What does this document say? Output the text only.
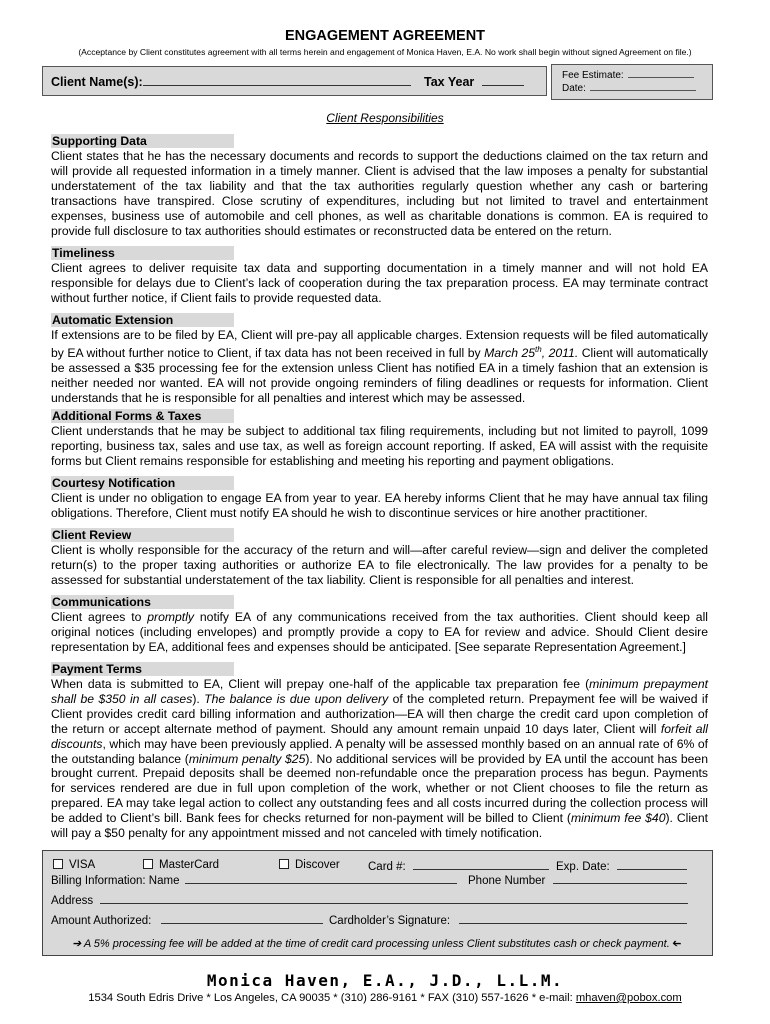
ENGAGEMENT AGREEMENT
(Acceptance by Client constitutes agreement with all terms herein and engagement of Monica Haven, E.A. No work shall begin without signed Agreement on file.)
Client Name(s):	Tax Year	Fee Estimate:
Date:
Client Responsibilities
Supporting Data

Client states that he has the necessary documents and records to support the deductions claimed on the tax return and will provide all requested information in a timely manner. Client is advised that the law imposes a penalty for substantial understatement of the tax liability and that the tax authorities regularly question whether any cash or bartering transactions have transpired. Close scrutiny of expenditures, including but not limited to travel and entertainment expenses, business use of automobile and cell phones, as well as charitable donations is common. EA is required to provide full disclosure to tax authorities should estimates or reconstructed data be entered on the return.

Timeliness

Client agrees to deliver requisite tax data and supporting documentation in a timely manner and will not hold EA responsible for delays due to Client’s lack of cooperation during the tax preparation process. EA may terminate contract without further notice, if Client fails to provide requested data.

Automatic Extension

If extensions are to be filed by EA, Client will pre-pay all applicable charges. Extension requests will be filed automatically by EA without further notice to Client, if tax data has not been received in full by March 25th, 2011. Client will automatically be assessed a $35 processing fee for the extension unless Client has notified EA in a timely fashion that an extension is neither needed nor wanted. EA will not provide ongoing reminders of filing deadlines or requests for information. Client understands that he is responsible for all penalties and interest which may be assessed.

Additional Forms & Taxes

Client understands that he may be subject to additional tax filing requirements, including but not limited to payroll, 1099 reporting, business tax, sales and use tax, as well as foreign account reporting. If asked, EA will assist with the requisite forms but Client remains responsible for establishing and meeting his reporting and payment obligations.

Courtesy Notification

Client is under no obligation to engage EA from year to year. EA hereby informs Client that he may have annual tax filing obligations. Therefore, Client must notify EA should he wish to discontinue services or hire another practitioner.

Client Review

Client is wholly responsible for the accuracy of the return and will—after careful review—sign and deliver the completed return(s) to the proper taxing authorities or authorize EA to file electronically. The law provides for a penalty to be assessed for substantial understatement of the tax liability. Client is responsible for all penalties and interest.

Communications

Client agrees to promptly notify EA of any communications received from the tax authorities. Client should keep all original notices (including envelopes) and promptly provide a copy to EA for review and advice. Should Client desire representation by EA, additional fees and expenses should be anticipated. [See separate Representation Agreement.]

Payment Terms

When data is submitted to EA, Client will prepay one-half of the applicable tax preparation fee (minimum prepayment shall be $350 in all cases). The balance is due upon delivery of the completed return. Prepayment fee will be waived if Client provides credit card billing information and authorization—EA will then charge the credit card upon completion of the return or accept alternate method of payment. Should any amount remain unpaid 10 days later, Client will forfeit all discounts, which may have been previously applied. A penalty will be assessed monthly based on an annual rate of 6% of the outstanding balance (minimum penalty $25). No additional services will be provided by EA until the account has been brought current. Prepaid deposits shall be deemed non-refundable once the preparation process has begun. Payments for services rendered are due in full upon completion of the work, whether or not Client chooses to file the return as prepared. EA may take legal action to collect any outstanding fees and all costs incurred during the collection process will be added to Client’s bill. Bank fees for checks returned for non-payment will be billed to Client (minimum fee $40). Client will pay a $50 penalty for any appointment missed and not canceled with timely notification.

VISA	MasterCard	Discover Card #:	Exp. Date:
Billing Information: Name	Phone Number
Address
Amount Authorized:	Cardholder’s Signature:
➔ A 5% processing fee will be added at the time of credit card processing unless Client substitutes cash or check payment. ➔
Monica Haven, E.A., J.D., L.L.M.
1534 South Edris Drive * Los Angeles, CA 90035 * (310) 286-9161 * FAX (310) 557-1626 * e-mail: mhaven@pobox.com
